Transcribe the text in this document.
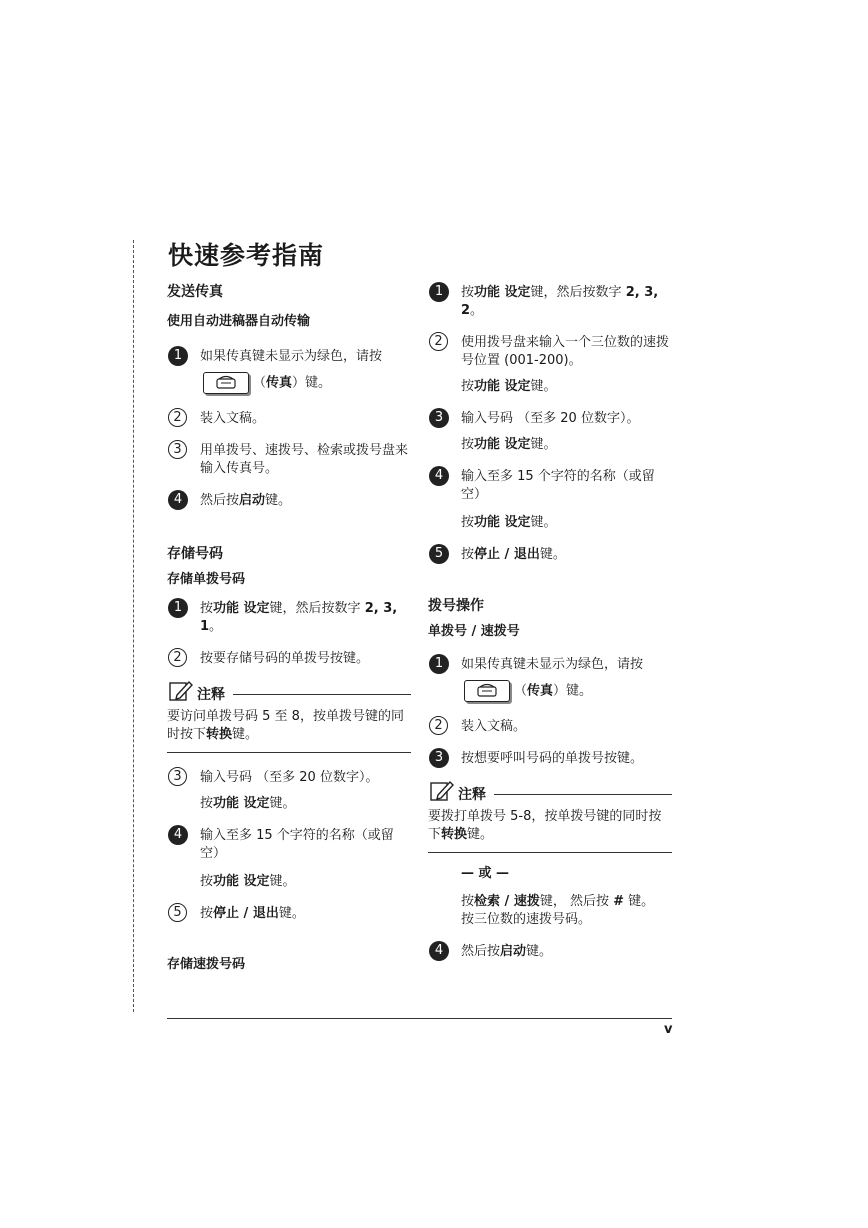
快速参考指南
发送传真
使用自动进稿器自动传输
1	如果传真键未显示为绿色，请按
（传真）键。
2	装入文稿。
3	用单拨号、速拨号、检索或拨号盘来输入传真号。
4	然后按启动键。
存储号码
存储单拨号码
1	按功能 设定键，然后按数字 2, 3, 1。
2	按要存储号码的单拨号按键。
注释
要访问单拨号码 5 至 8，按单拨号键的同时按下转换键。
3	输入号码 （至多 20 位数字）。
按功能 设定键。
4	输入至多 15 个字符的名称（或留空）
按功能 设定键。
5	按停止 / 退出键。
存储速拨号码
1	按功能 设定键，然后按数字 2, 3, 2。
2	使用拨号盘来输入一个三位数的速拨号位置 (001-200)。
按功能 设定键。
3	输入号码 （至多 20 位数字）。
按功能 设定键。
4	输入至多 15 个字符的名称（或留空）
按功能 设定键。
5	按停止 / 退出键。
拨号操作
单拨号 / 速拨号
1	如果传真键未显示为绿色，请按
（传真）键。
2	装入文稿。
3	按想要呼叫号码的单拨号按键。
注释
要拨打单拨号 5-8，按单拨号键的同时按下转换键。
— 或 —
按检索 / 速拨键， 然后按 # 键。
按三位数的速拨号码。
4	然后按启动键。
v
